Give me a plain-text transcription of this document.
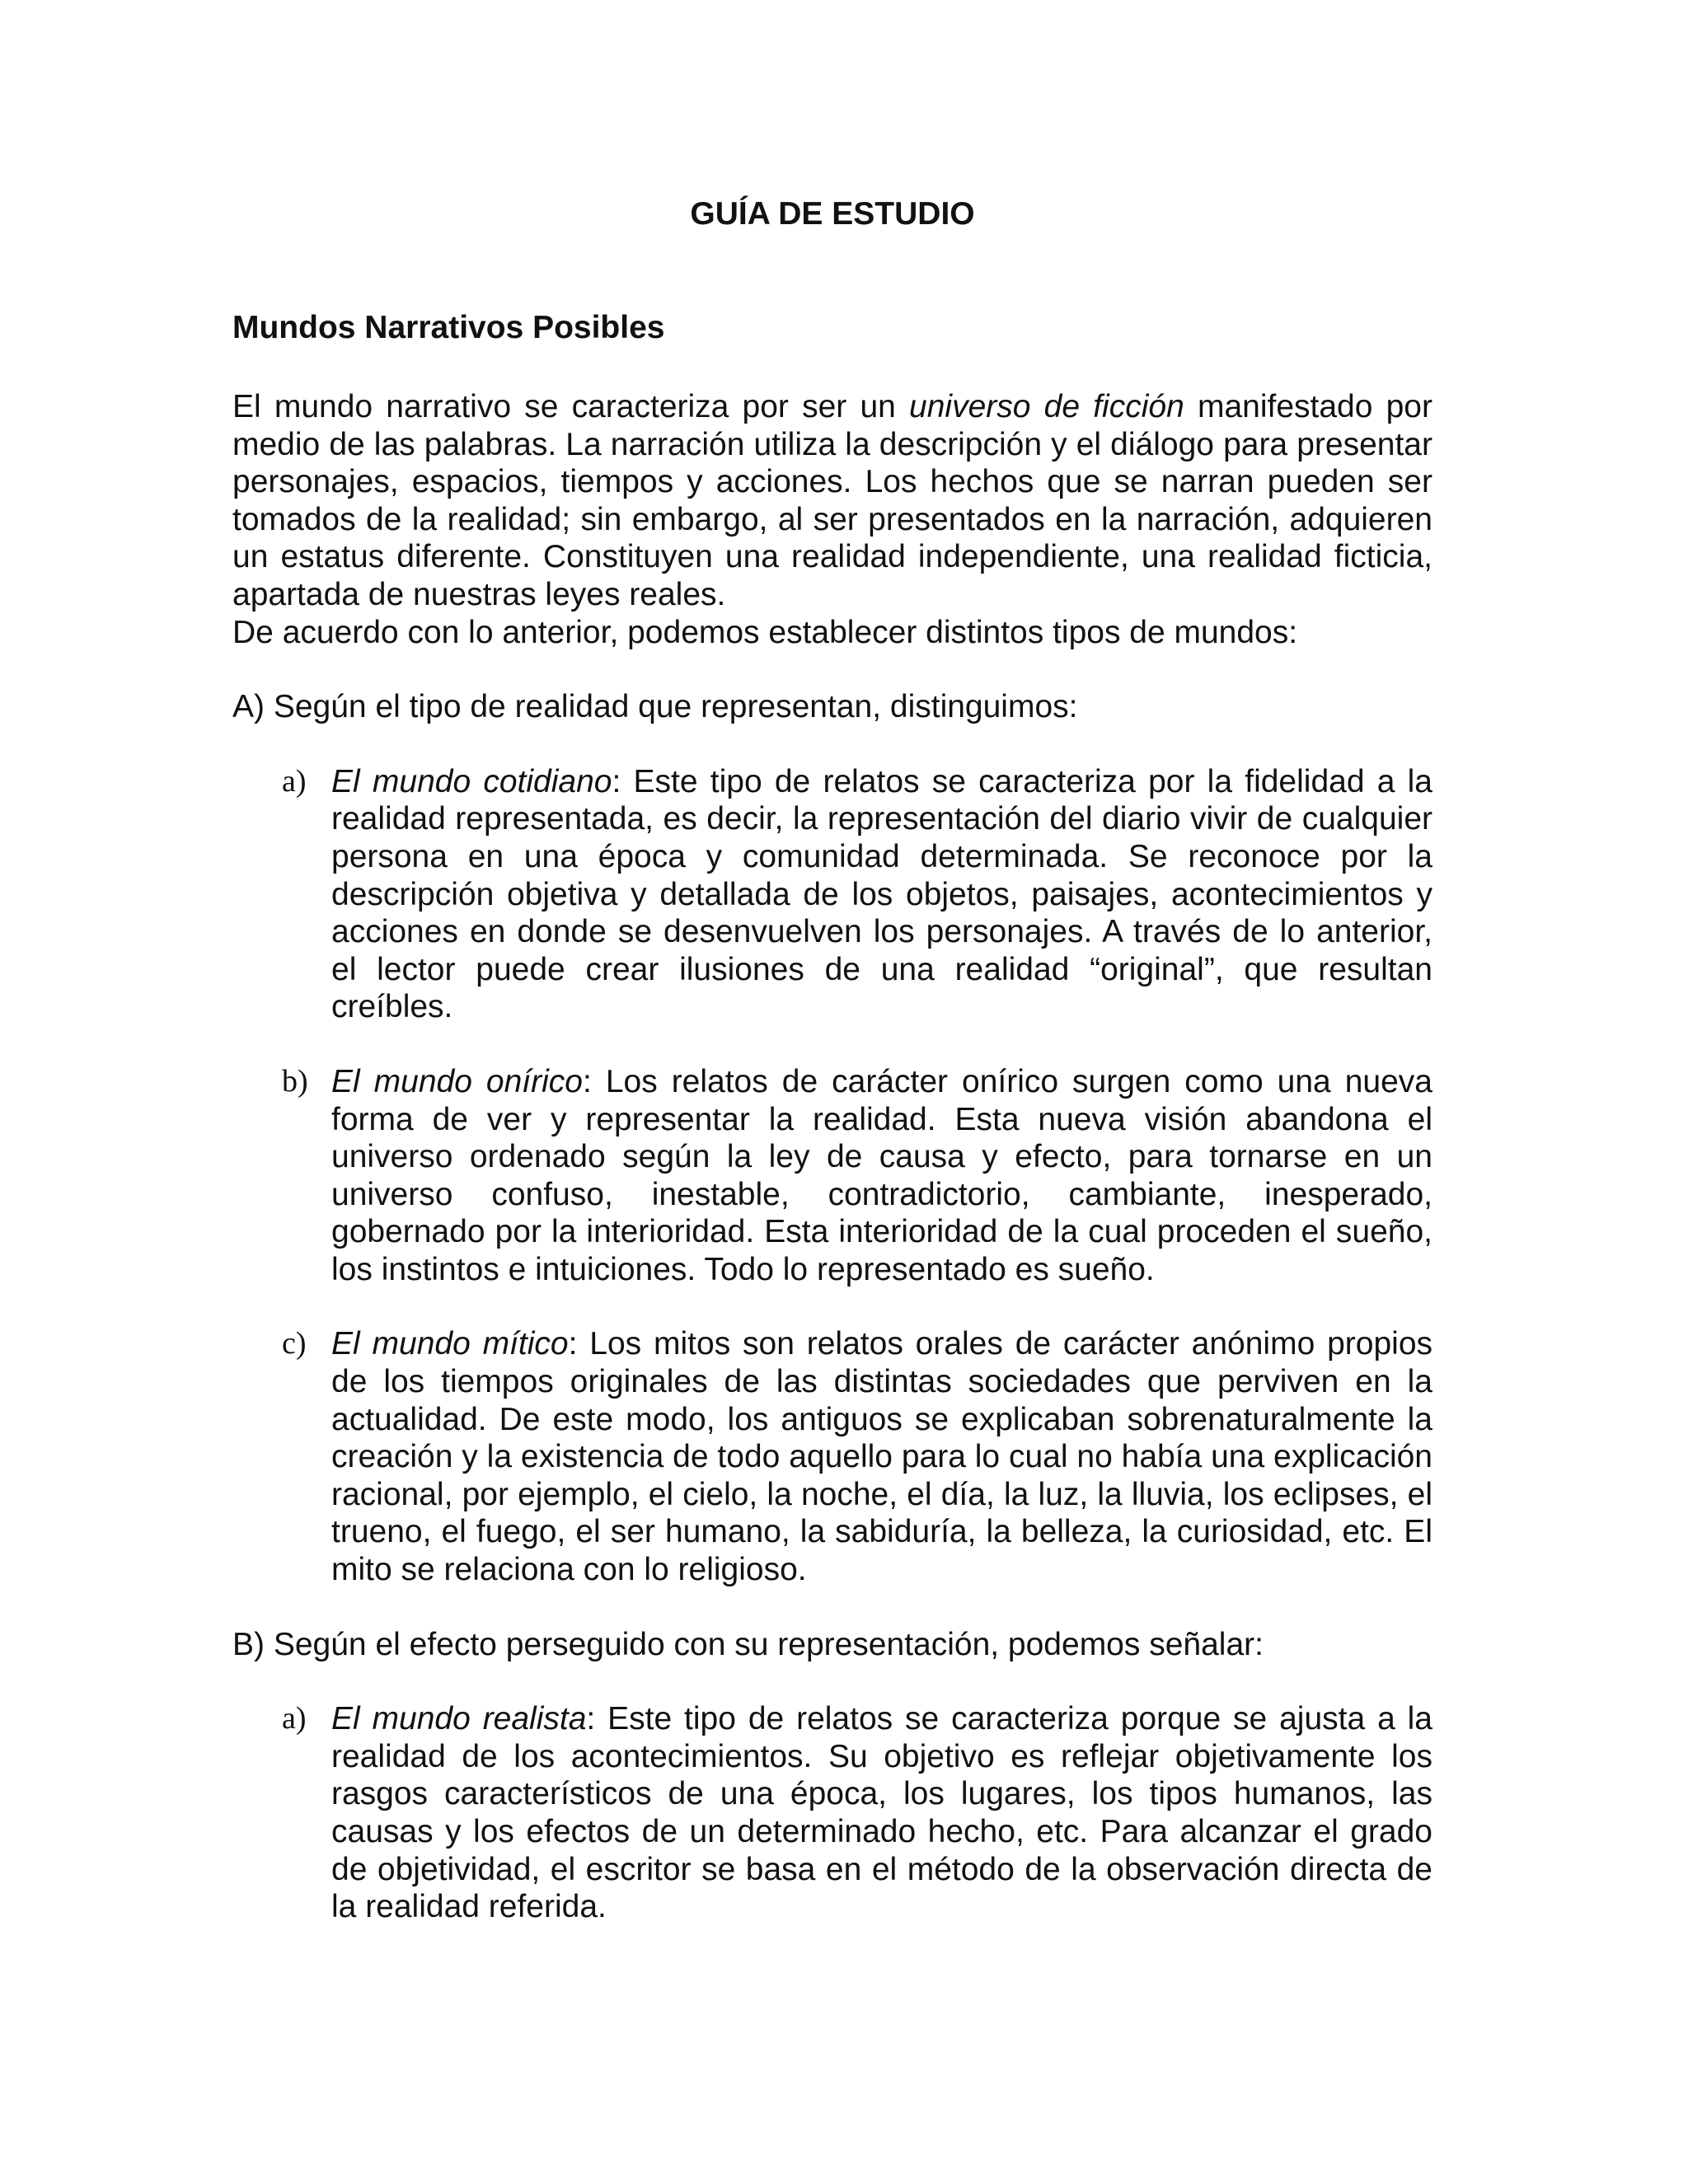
GUÍA DE ESTUDIO
Mundos Narrativos Posibles

El mundo narrativo se caracteriza por ser un universo de ficción manifestado por medio de las palabras. La narración utiliza la descripción y el diálogo para presentar personajes, espacios, tiempos y acciones. Los hechos que se narran pueden ser tomados de la realidad; sin embargo, al ser presentados en la narración, adquieren un estatus diferente. Constituyen una realidad independiente, una realidad ficticia, apartada de nuestras leyes reales.

De acuerdo con lo anterior, podemos establecer distintos tipos de mundos:

A) Según el tipo de realidad que representan, distinguimos:
a) El mundo cotidiano: Este tipo de relatos se caracteriza por la fidelidad a la realidad representada, es decir, la representación del diario vivir de cualquier persona en una época y comunidad determinada. Se reconoce por la descripción objetiva y detallada de los objetos, paisajes, acontecimientos y acciones en donde se desenvuelven los personajes. A través de lo anterior, el lector puede crear ilusiones de una realidad “original”, que resultan creíbles.
b) El mundo onírico: Los relatos de carácter onírico surgen como una nueva forma de ver y representar la realidad. Esta nueva visión abandona el universo ordenado según la ley de causa y efecto, para tornarse en un universo confuso, inestable, contradictorio, cambiante, inesperado, gobernado por la interioridad. Esta interioridad de la cual proceden el sueño, los instintos e intuiciones. Todo lo representado es sueño.
c) El mundo mítico: Los mitos son relatos orales de carácter anónimo propios de los tiempos originales de las distintas sociedades que perviven en la actualidad. De este modo, los antiguos se explicaban sobrenaturalmente la creación y la existencia de todo aquello para lo cual no había una explicación racional, por ejemplo, el cielo, la noche, el día, la luz, la lluvia, los eclipses, el trueno, el fuego, el ser humano, la sabiduría, la belleza, la curiosidad, etc. El mito se relaciona con lo religioso.
B) Según el efecto perseguido con su representación, podemos señalar:
a) El mundo realista: Este tipo de relatos se caracteriza porque se ajusta a la realidad de los acontecimientos. Su objetivo es reflejar objetivamente los rasgos característicos de una época, los lugares, los tipos humanos, las causas y los efectos de un determinado hecho, etc. Para alcanzar el grado de objetividad, el escritor se basa en el método de la observación directa de la realidad referida.
